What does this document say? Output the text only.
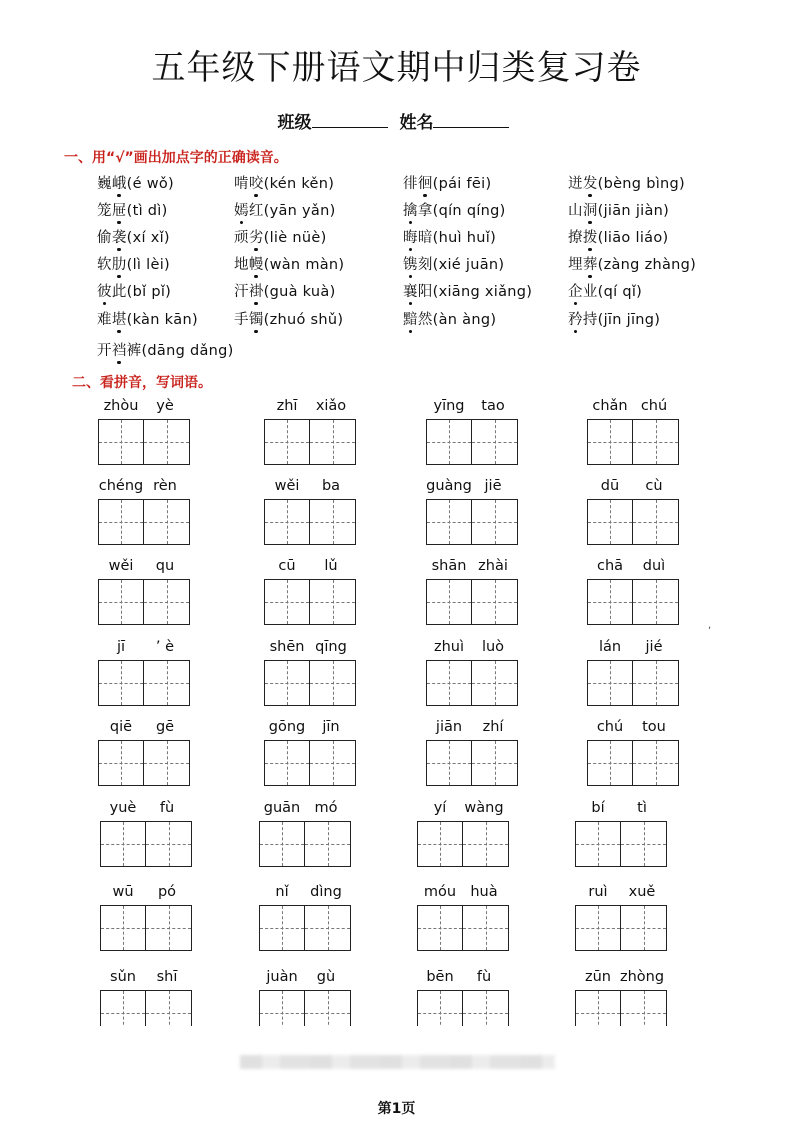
五年级下册语文期中归类复习卷
班级	姓名
一、用“√”画出加点字的正确读音。
巍峨(é wǒ)	啃咬(kén kěn)	徘徊(pái fēi)	迸发(bèng bìng)
笼屉(tì dì)	嫣红(yān yǎn)	擒拿(qín qíng)	山洞(jiān jiàn)
偷袭(xí xǐ)	顽劣(liè nüè)	晦暗(huì huǐ)	撩拨(liāo liáo)
软肋(lì lèi)	地幔(wàn màn)	镌刻(xié juān)	埋葬(zàng zhàng)
彼此(bǐ pǐ)	汗褂(guà kuà)	襄阳(xiāng xiǎng) 企业(qí qǐ)
难堪(kàn kān) 手镯(zhuó shǔ)	黯然(àn àng)	矜持(jīn jīng)
开裆裤(dāng dǎng)
二、看拼音，写词语。
zhòu yè	zhī xiǎo	yīng tao	chǎn chú
chéng rèn	wěi ba	guàng jiē	dū cù
wěi qu	cū lǔ	shān zhài	chā duì
jī ’ è	shēn qīng	zhuì luò	lán jié
qiē gē	gōng jīn	jiān zhí	chú tou
yuè fù	guān mó	yí wàng	bí tì
wū pó	nǐ dìng	móu huà	ruì xuě
sǔn shī	juàn gù	bēn fù	zūn zhòng
,
第1页
